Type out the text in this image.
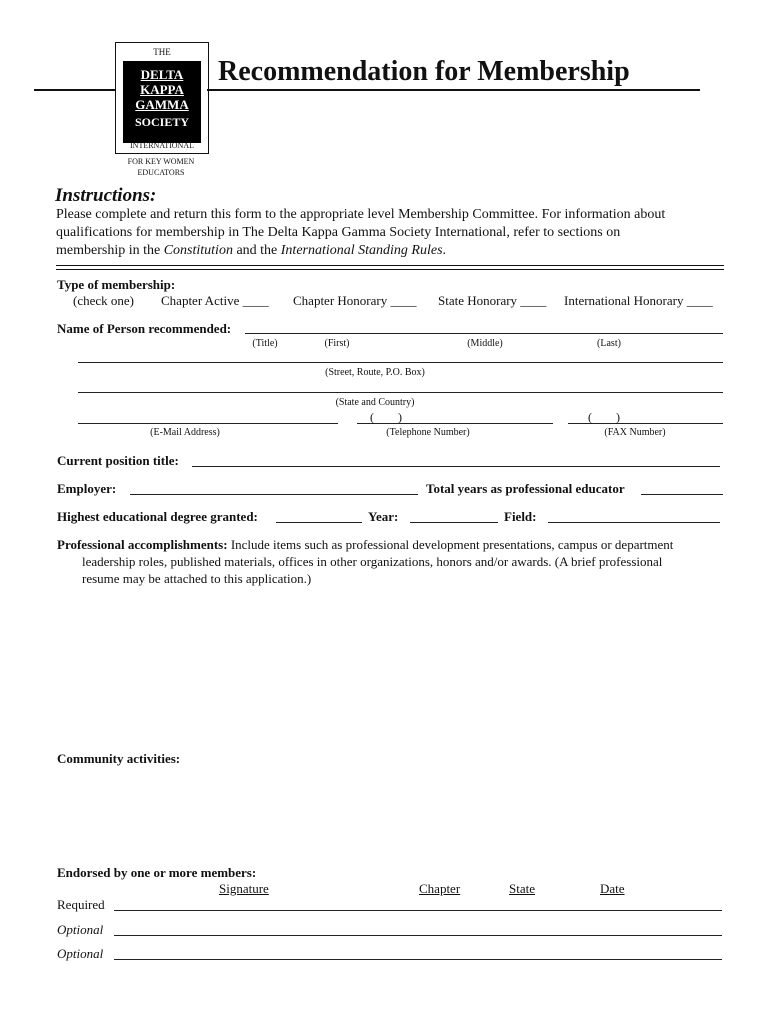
THE
DELTA
KAPPA
GAMMA
SOCIETY
INTERNATIONAL
FOR KEY WOMEN
EDUCATORS
Recommendation for Membership
Instructions:
Please complete and return this form to the appropriate level Membership Committee. For information about
qualifications for membership in The Delta Kappa Gamma Society International, refer to sections on
membership in the Constitution and the International Standing Rules.
Type of membership:
(check one) Chapter Active ____ Chapter Honorary ____ State Honorary ____ International Honorary ____
Name of Person recommended:
(Title)	(First)	(Middle)	(Last)
(Street, Route, P.O. Box)
(State and Country)
(        )	(        )
(E-Mail Address)	(Telephone Number)	(FAX Number)
Current position title:
Employer:	Total years as professional educator
Highest educational degree granted:	Year:	Field:
Professional accomplishments: Include items such as professional development presentations, campus or department
leadership roles, published materials, offices in other organizations, honors and/or awards. (A brief professional
resume may be attached to this application.)
Community activities:
Endorsed by one or more members:
Signature	Chapter	State	Date
Required
Optional
Optional
